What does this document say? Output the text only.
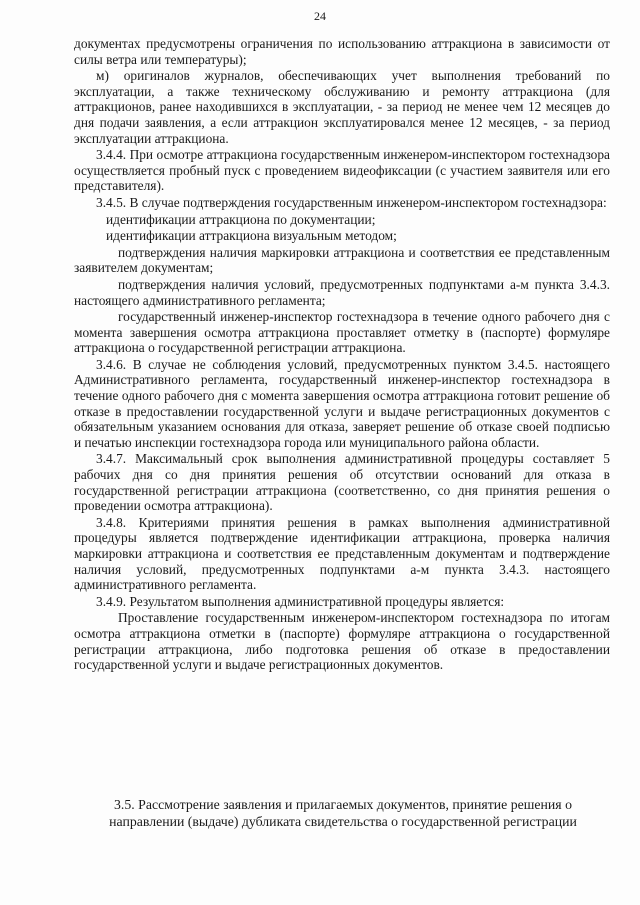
24

документах предусмотрены ограничения по использованию аттракциона в зависимости от силы ветра или температуры);

м) оригиналов журналов, обеспечивающих учет выполнения требований по эксплуатации, а также техническому обслуживанию и ремонту аттракциона (для аттракционов, ранее находившихся в эксплуатации, - за период не менее чем 12 месяцев до дня подачи заявления, а если аттракцион эксплуатировался менее 12 месяцев, - за период эксплуатации аттракциона.

3.4.4. При осмотре аттракциона государственным инженером-инспектором гостехнадзора осуществляется пробный пуск с проведением видеофиксации (с участием заявителя или его представителя).

3.4.5. В случае подтверждения государственным инженером-инспектором гостехнадзора:

идентификации аттракциона по документации;

идентификации аттракциона визуальным методом;

подтверждения наличия маркировки аттракциона и соответствия ее представленным заявителем документам;

подтверждения наличия условий, предусмотренных подпунктами а-м пункта 3.4.3. настоящего административного регламента;

государственный инженер-инспектор гостехнадзора в течение одного рабочего дня с момента завершения осмотра аттракциона проставляет отметку в (паспорте) формуляре аттракциона о государственной регистрации аттракциона.

3.4.6. В случае не соблюдения условий, предусмотренных пунктом 3.4.5. настоящего Административного регламента, государственный инженер-инспектор гостехнадзора в течение одного рабочего дня с момента завершения осмотра аттракциона готовит решение об отказе в предоставлении государственной услуги и выдаче регистрационных документов с обязательным указанием основания для отказа, заверяет решение об отказе своей подписью и печатью инспекции гостехнадзора города или муниципального района области.

3.4.7. Максимальный срок выполнения административной процедуры составляет 5 рабочих дня со дня принятия решения об отсутствии оснований для отказа в государственной регистрации аттракциона (соответственно, со дня принятия решения о проведении осмотра аттракциона).

3.4.8. Критериями принятия решения в рамках выполнения административной процедуры является подтверждение идентификации аттракциона, проверка наличия маркировки аттракциона и соответствия ее представленным документам и подтверждение наличия условий, предусмотренных подпунктами а-м пункта 3.4.3. настоящего административного регламента.

3.4.9. Результатом выполнения административной процедуры является:

Проставление государственным инженером-инспектором гостехнадзора по итогам осмотра аттракциона отметки в (паспорте) формуляре аттракциона о государственной регистрации аттракциона, либо подготовка решения об отказе в предоставлении государственной услуги и выдаче регистрационных документов.

3.5. Рассмотрение заявления и прилагаемых документов, принятие решения о направлении (выдаче) дубликата свидетельства о государственной регистрации
